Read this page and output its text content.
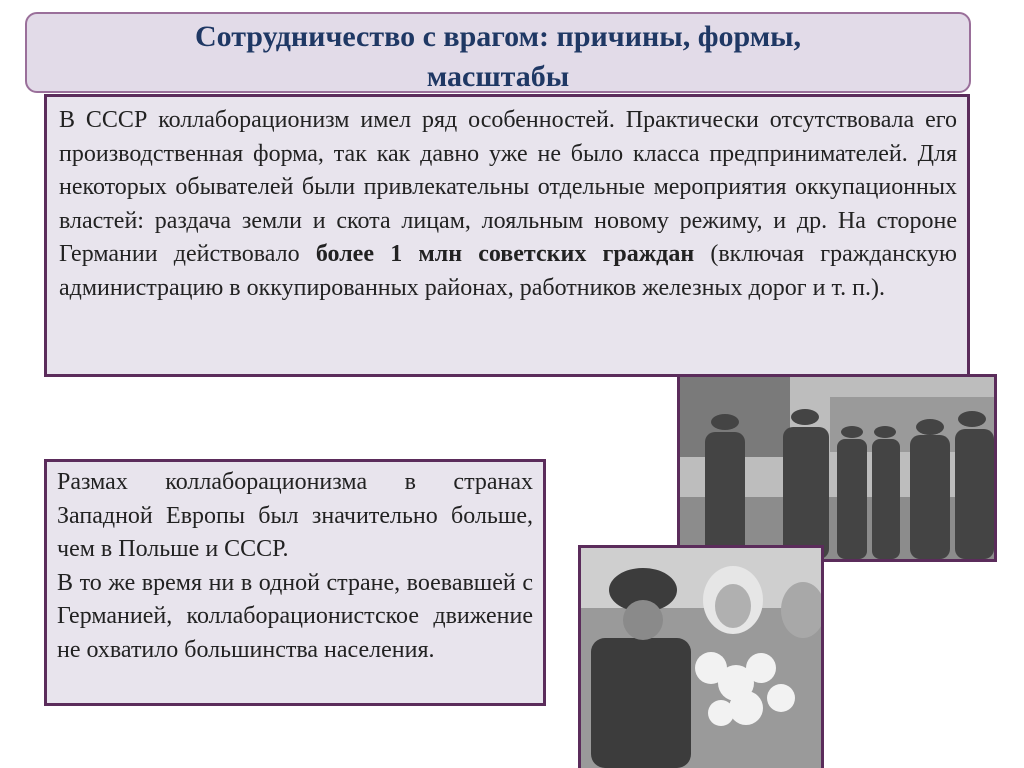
Сотрудничество с врагом: причины, формы,
масштабы

В СССР коллаборационизм имел ряд особенностей. Практически отсутствовала его производственная форма, так как давно уже не было класса предпринимателей. Для некоторых обывателей были привлекательны отдельные мероприятия оккупационных властей: раздача земли и скота лицам, лояльным новому режиму, и др. На стороне Германии действовало более 1 млн советских граждан (включая гражданскую администрацию в оккупированных районах, работников железных дорог и т. п.).

Размах коллаборационизма в странах Западной Европы был значительно больше, чем в Польше и СССР.

В то же время ни в одной стране, воевавшей с Германией, коллаборационистское движение не охватило большинства населения.
